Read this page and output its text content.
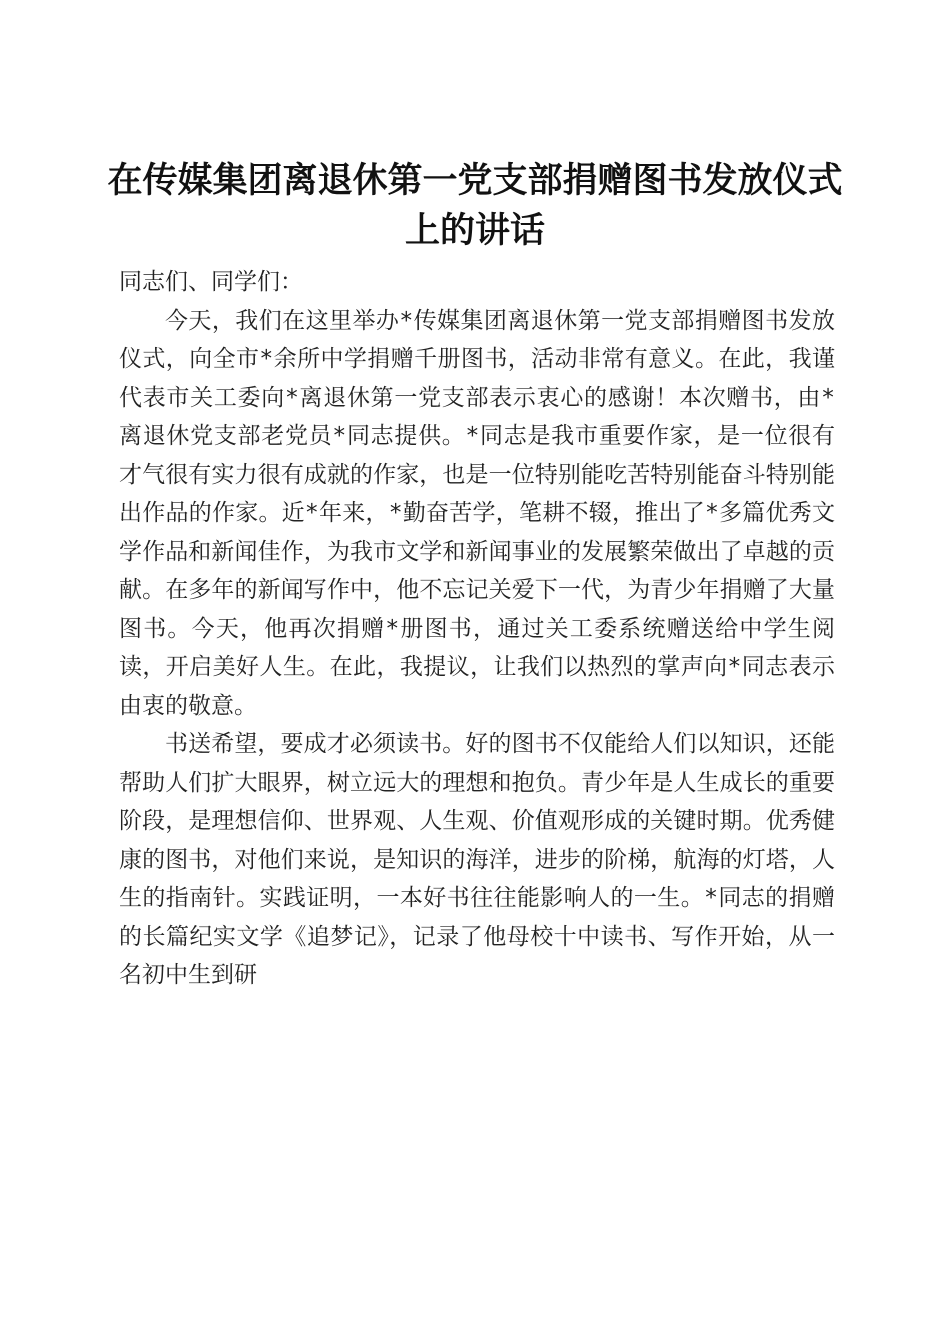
在传媒集团离退休第一党支部捐赠图书发放仪式上的讲话

同志们、同学们：

今天，我们在这里举办*传媒集团离退休第一党支部捐赠图书发放仪式，向全市*余所中学捐赠千册图书，活动非常有意义。在此，我谨代表市关工委向*离退休第一党支部表示衷心的感谢！本次赠书，由*离退休党支部老党员*同志提供。*同志是我市重要作家，是一位很有才气很有实力很有成就的作家，也是一位特别能吃苦特别能奋斗特别能出作品的作家。近*年来，*勤奋苦学，笔耕不辍，推出了*多篇优秀文学作品和新闻佳作，为我市文学和新闻事业的发展繁荣做出了卓越的贡献。在多年的新闻写作中，他不忘记关爱下一代，为青少年捐赠了大量图书。今天，他再次捐赠*册图书，通过关工委系统赠送给中学生阅读，开启美好人生。在此，我提议，让我们以热烈的掌声向*同志表示由衷的敬意。

书送希望，要成才必须读书。好的图书不仅能给人们以知识，还能帮助人们扩大眼界，树立远大的理想和抱负。青少年是人生成长的重要阶段，是理想信仰、世界观、人生观、价值观形成的关键时期。优秀健康的图书，对他们来说，是知识的海洋，进步的阶梯，航海的灯塔，人生的指南针。实践证明，一本好书往往能影响人的一生。*同志的捐赠的长篇纪实文学《追梦记》，记录了他母校十中读书、写作开始，从一名初中生到研
